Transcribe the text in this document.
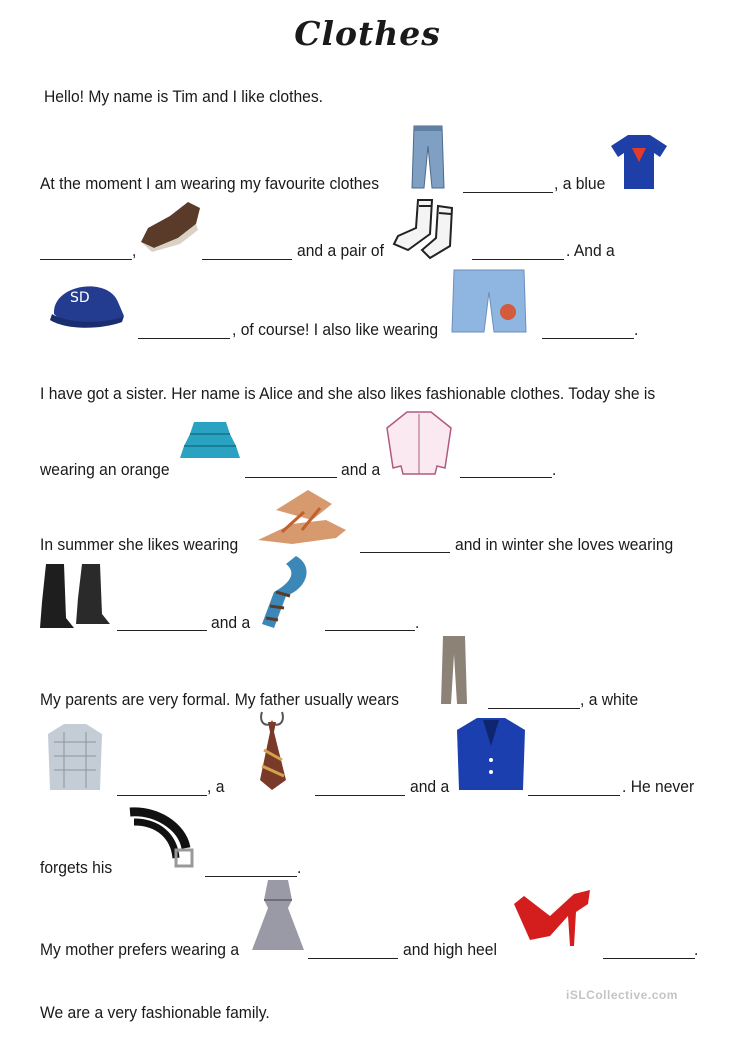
Clothes
Hello! My name is Tim and I like clothes.
At the moment I am wearing my favourite clothes	, a blue
,	and a pair of	. And a
SD
, of course! I also like wearing	.
I have got a sister. Her name is Alice and she also likes fashionable clothes. Today she is
wearing an orange	and a	.
In summer she likes wearing	and in winter she loves wearing
and a	.
My parents are very formal. My father usually wears	, a white
, a	and a	. He never
forgets his	.
My mother prefers wearing a	and high heel	.
iSLCollective.com
We are a very fashionable family.
